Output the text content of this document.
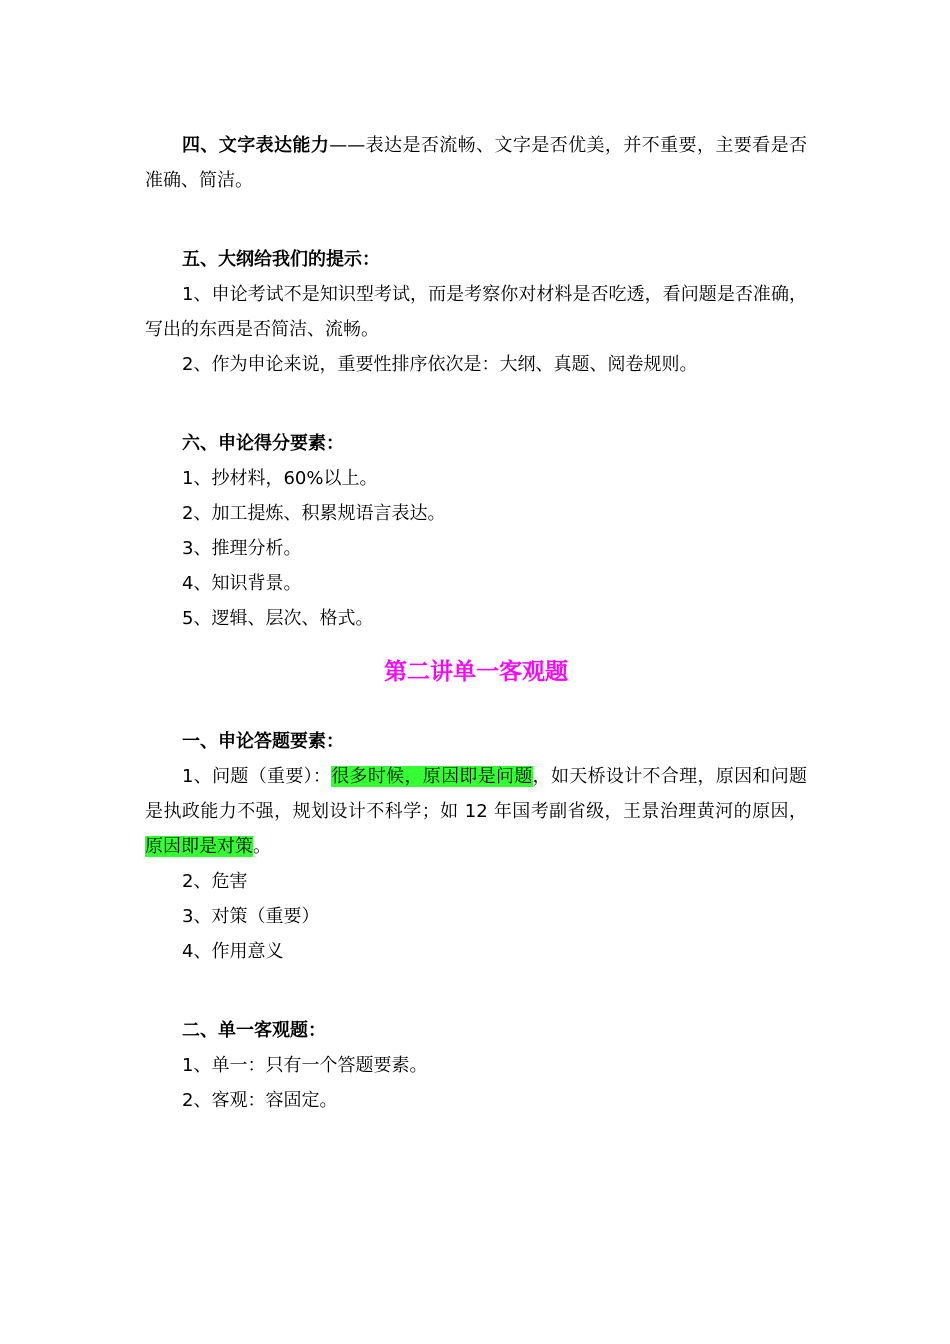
四、文字表达能力——表达是否流畅、文字是否优美，并不重要，主要看是否准确、简洁。

五、大纲给我们的提示：

1、申论考试不是知识型考试，而是考察你对材料是否吃透，看问题是否准确，写出的东西是否简洁、流畅。

2、作为申论来说，重要性排序依次是：大纲、真题、阅卷规则。

六、申论得分要素：

1、抄材料，60%以上。

2、加工提炼、积累规语言表达。

3、推理分析。

4、知识背景。

5、逻辑、层次、格式。

第二讲单一客观题

一、申论答题要素：

1、问题（重要）：很多时候，原因即是问题，如天桥设计不合理，原因和问题是执政能力不强，规划设计不科学；如 12 年国考副省级，王景治理黄河的原因，原因即是对策。

2、危害

3、对策（重要）

4、作用意义

二、单一客观题：

1、单一：只有一个答题要素。

2、客观：容固定。
